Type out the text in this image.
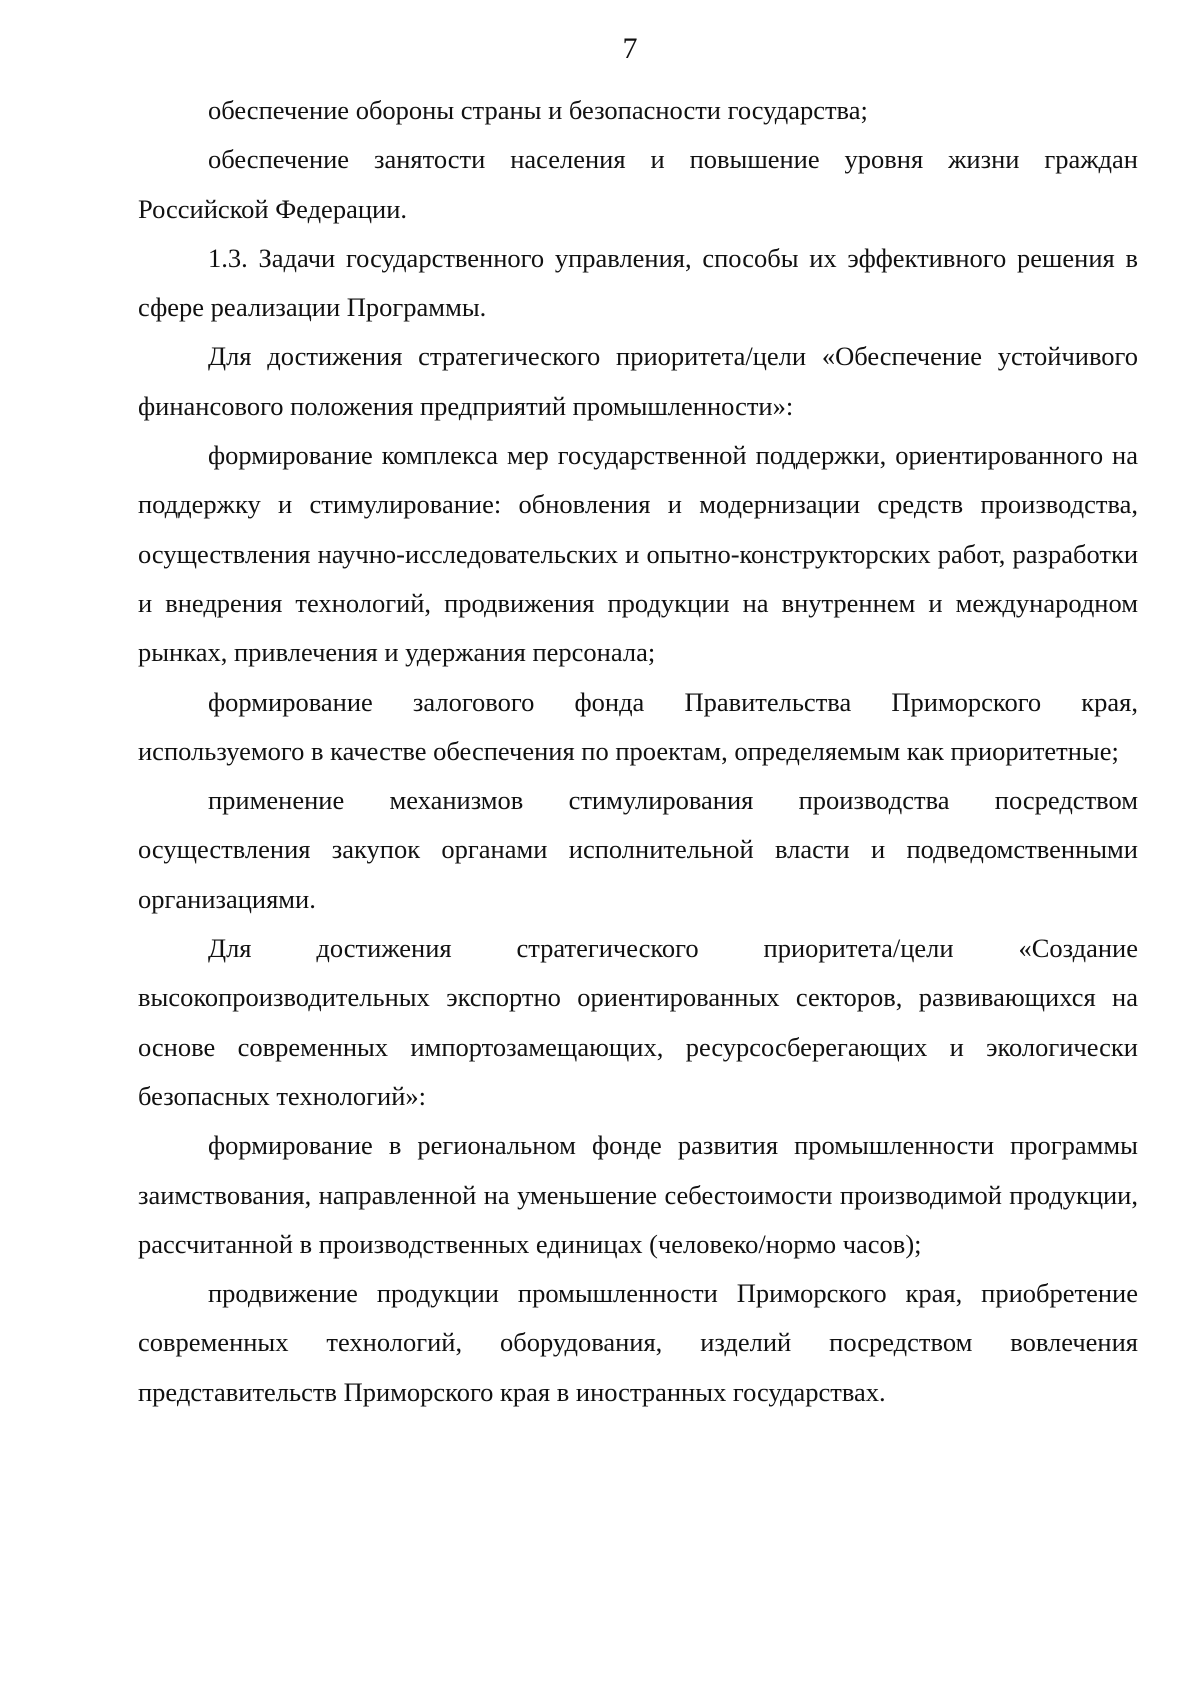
7

обеспечение обороны страны и безопасности государства;

обеспечение занятости населения и повышение уровня жизни граждан Российской Федерации.

1.3. Задачи государственного управления, способы их эффективного решения в сфере реализации Программы.

Для достижения стратегического приоритета/цели «Обеспечение устойчивого финансового положения предприятий промышленности»:

формирование комплекса мер государственной поддержки, ориентированного на поддержку и стимулирование: обновления и модернизации средств производства, осуществления научно-исследовательских и опытно-конструкторских работ, разработки и внедрения технологий, продвижения продукции на внутреннем и международном рынках, привлечения и удержания персонала;

формирование залогового фонда Правительства Приморского края, используемого в качестве обеспечения по проектам, определяемым как приоритетные;

применение механизмов стимулирования производства посредством осуществления закупок органами исполнительной власти и подведомственными организациями.

Для достижения стратегического приоритета/цели «Создание высокопроизводительных экспортно ориентированных секторов, развивающихся на основе современных импортозамещающих, ресурсосберегающих и экологически безопасных технологий»:

формирование в региональном фонде развития промышленности программы заимствования, направленной на уменьшение себестоимости производимой продукции, рассчитанной в производственных единицах (человеко/нормо часов);

продвижение продукции промышленности Приморского края, приобретение современных технологий, оборудования, изделий посредством вовлечения представительств Приморского края в иностранных государствах.
